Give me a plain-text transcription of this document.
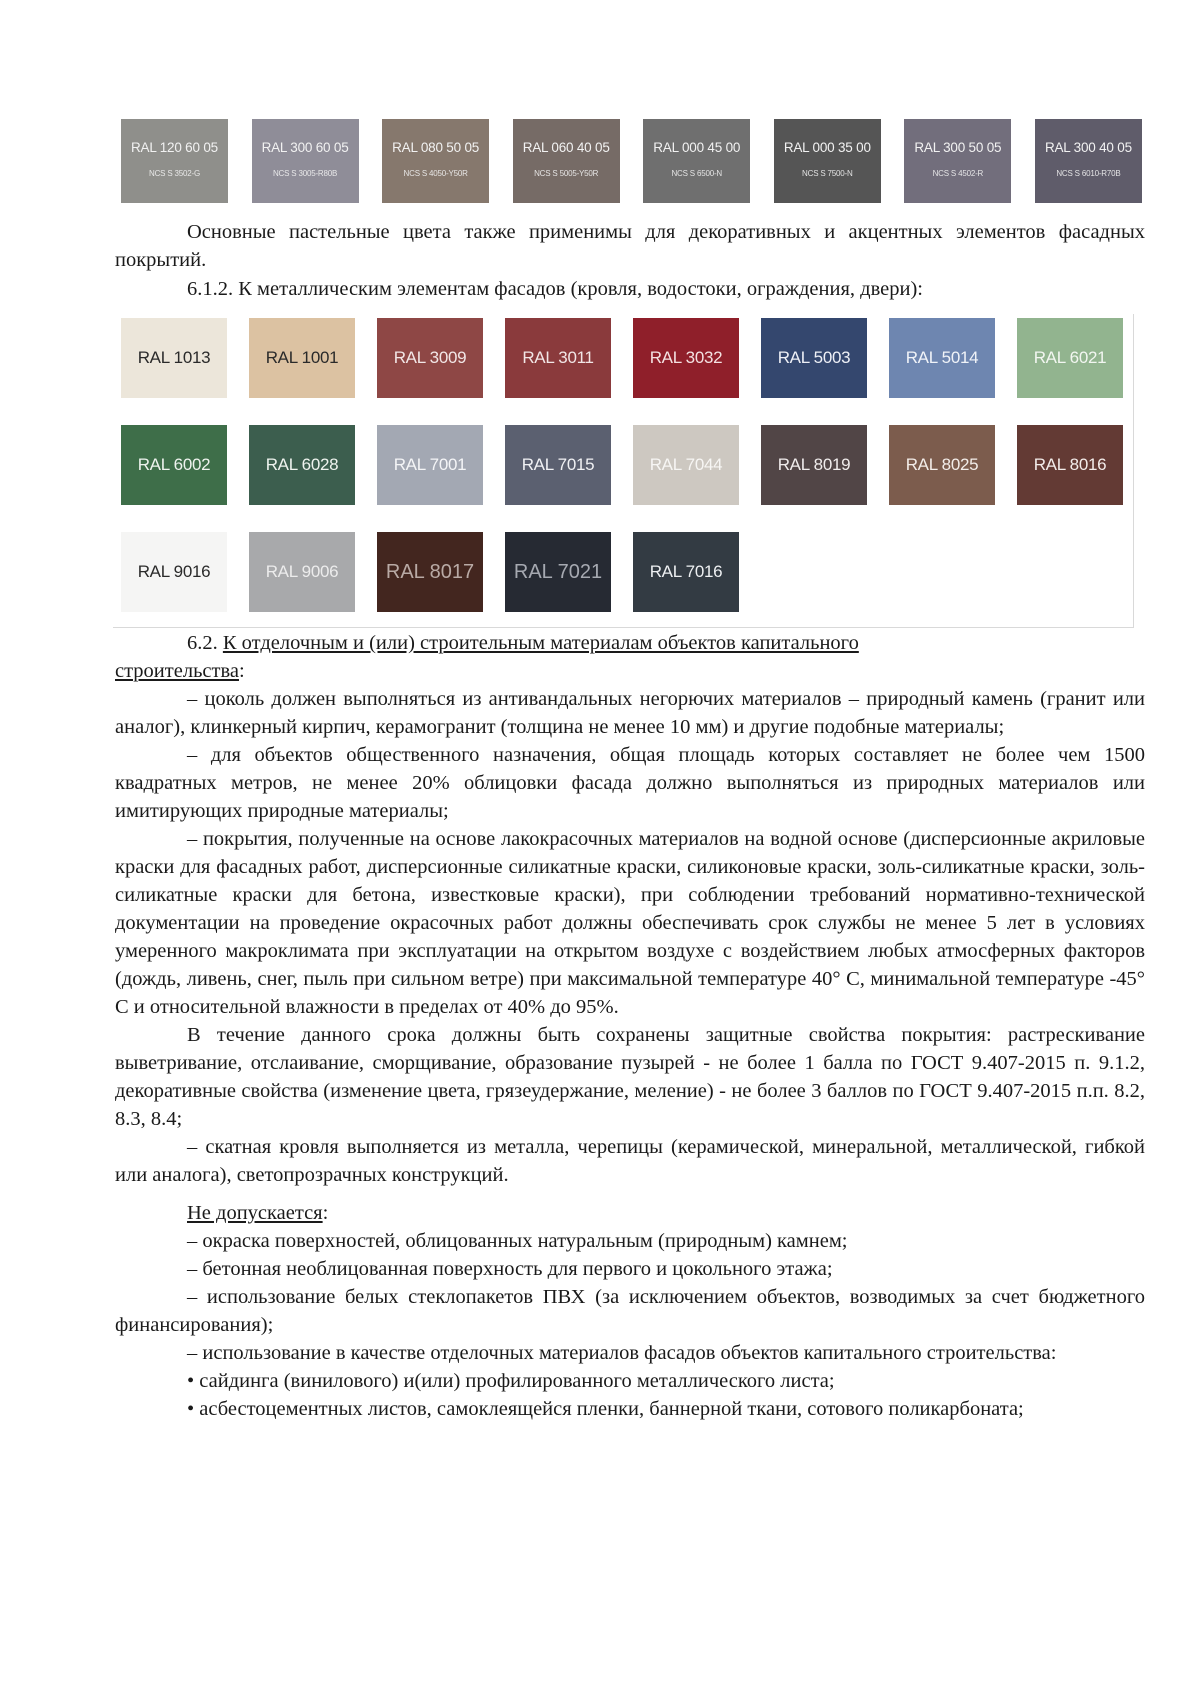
RAL 120 60 05
NCS S 3502-G
RAL 300 60 05
NCS S 3005-R80B
RAL 080 50 05
NCS S 4050-Y50R
RAL 060 40 05
NCS S 5005-Y50R
RAL 000 45 00
NCS S 6500-N
RAL 000 35 00
NCS S 7500-N
RAL 300 50 05
NCS S 4502-R
RAL 300 40 05
NCS S 6010-R70B

Основные пастельные цвета также применимы для декоративных и акцентных элементов фасадных покрытий.

6.1.2. К металлическим элементам фасадов (кровля, водостоки, ограждения, двери):

RAL 1013	RAL 1001	RAL 3009	RAL 3011	RAL 3032	RAL 5003	RAL 5014	RAL 6021
RAL 6002	RAL 6028	RAL 7001	RAL 7015	RAL 7044	RAL 8019	RAL 8025	RAL 8016
RAL 9016	RAL 9006	RAL 8017	RAL 7021	RAL 7016

6.2. К отделочным и (или) строительным материалам объектов капитального

строительства:

– цоколь должен выполняться из антивандальных негорючих материалов – природный камень (гранит или аналог), клинкерный кирпич, керамогранит (толщина не менее 10 мм) и другие подобные материалы;

– для объектов общественного назначения, общая площадь которых составляет не более чем 1500 квадратных метров, не менее 20% облицовки фасада должно выполняться из природных материалов или имитирующих природные материалы;

– покрытия, полученные на основе лакокрасочных материалов на водной основе (дисперсионные акриловые краски для фасадных работ, дисперсионные силикатные краски, силиконовые краски, золь-силикатные краски, золь-силикатные краски для бетона, известковые краски), при соблюдении требований нормативно-технической документации на проведение окрасочных работ должны обеспечивать срок службы не менее 5 лет в условиях умеренного макроклимата при эксплуатации на открытом воздухе с воздействием любых атмосферных факторов (дождь, ливень, снег, пыль при сильном ветре) при максимальной температуре 40° С, минимальной температуре -45° С и относительной влажности в пределах от 40% до 95%.

В течение данного срока должны быть сохранены защитные свойства покрытия: растрескивание выветривание, отслаивание, сморщивание, образование пузырей - не более 1 балла по ГОСТ 9.407-2015 п. 9.1.2, декоративные свойства (изменение цвета, грязеудержание, меление) - не более 3 баллов по ГОСТ 9.407-2015 п.п. 8.2, 8.3, 8.4;

– скатная кровля выполняется из металла, черепицы (керамической, минеральной, металлической, гибкой или аналога), светопрозрачных конструкций.

Не допускается:

– окраска поверхностей, облицованных натуральным (природным) камнем;

– бетонная необлицованная поверхность для первого и цокольного этажа;

– использование белых стеклопакетов ПВХ (за исключением объектов, возводимых за счет бюджетного финансирования);

– использование в качестве отделочных материалов фасадов объектов капитального строительства:

• сайдинга (винилового) и(или) профилированного металлического листа;

• асбестоцементных листов, самоклеящейся пленки, баннерной ткани, сотового поликарбоната;
